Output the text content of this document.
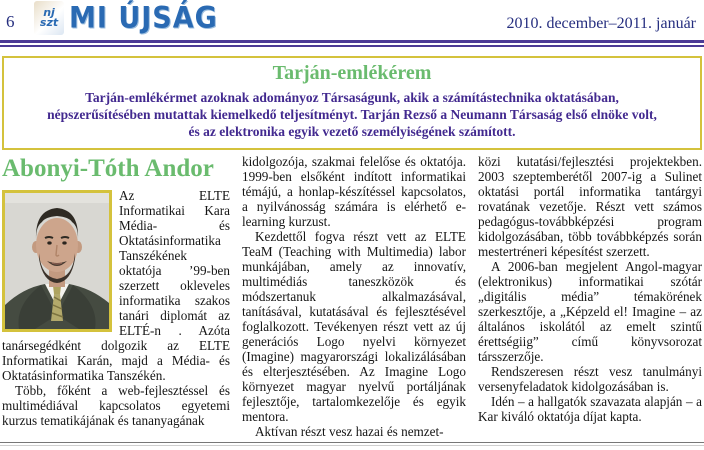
6	nj
szt MI ÚJSÁG	2010. december–2011. január
Tarján-emlékérem
Tarján-emlékérmet azoknak adományoz Társaságunk, akik a számítástechnika oktatásában,
népszerűsítésében mutattak kiemelkedő teljesítményt. Tarján Rezső a Neumann Társaság első elnöke volt,
és az elektronika egyik vezető személyiségének számított.
Abonyi-Tóth Andor

Az ELTE Informatikai Kara Média- és Oktatásinformatika Tanszékének oktatója ’99-ben szerzett okleveles informatika szakos tanári diplomát az ELTÉ-n . Azóta tanársegédként dolgozik az ELTE Informatikai Karán, majd a Média- és Oktatásinformatika Tanszékén.

Több, főként a web-fejlesztéssel és multimédiával kapcsolatos egyetemi kurzus tematikájának és tananyagának

kidolgozója, szakmai felelőse és oktatója. 1999-ben elsőként indított informatikai témájú, a honlap-készítéssel kapcsolatos, a nyilvánosság számára is elérhető e-learning kurzust.

Kezdettől fogva részt vett az ELTE TeaM (Teaching with Multimedia) labor munkájában, amely az innovatív, multimédiás taneszközök és módszertanuk alkalmazásával, tanításával, kutatásával és fejlesztésével foglalkozott. Tevékenyen részt vett az új generációs Logo nyelvi környezet (Imagine) magyarországi lokalizálásában és elterjesztésében. Az Imagine Logo környezet magyar nyelvű portáljának fejlesztője, tartalomkezelője és egyik mentora.

Aktívan részt vesz hazai és nemzet-

közi kutatási/fejlesztési projektekben. 2003 szeptemberétől 2007-ig a Sulinet oktatási portál informatika tantárgyi rovatának vezetője. Részt vett számos pedagógus-továbbképzési program kidolgozásában, több továbbképzés során mestertréneri képesítést szerzett.

A 2006-ban megjelent Angol-magyar (elektronikus) informatikai szótár „digitális média” témakörének szerkesztője, a „Képzeld el! Imagine – az általános iskolától az emelt szintű érettségiig” című könyvsorozat társszerzője.

Rendszeresen részt vesz tanulmányi versenyfeladatok kidolgozásában is.

Idén – a hallgatók szavazata alapján – a Kar kiváló oktatója díjat kapta.
